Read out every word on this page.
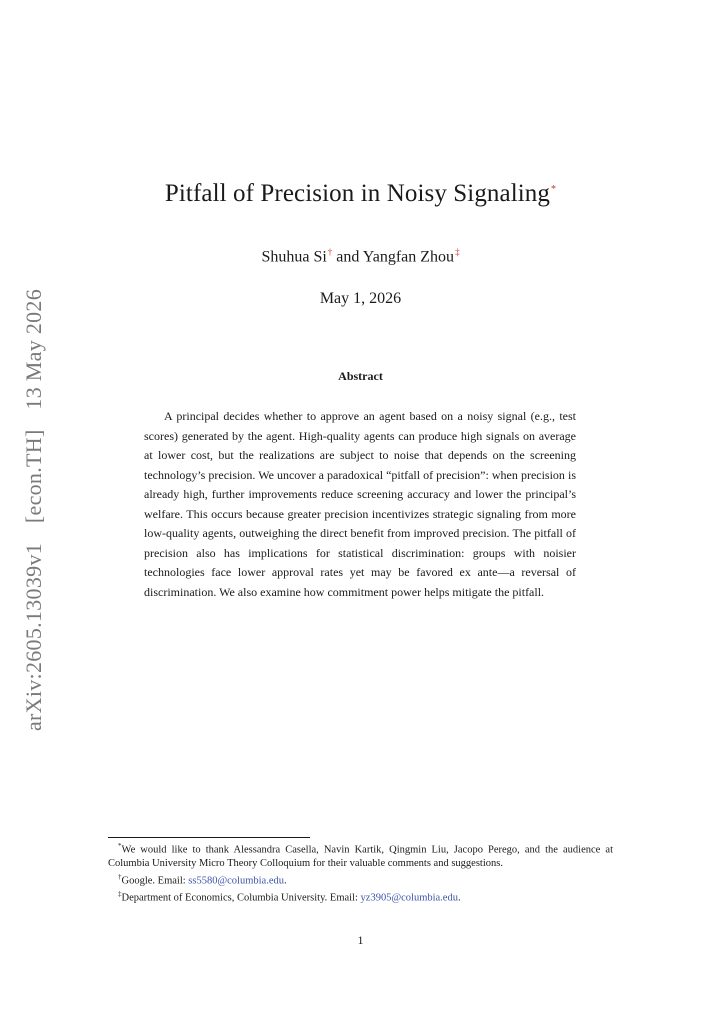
arXiv:2605.13039v1 [econ.TH] 13 May 2026
Pitfall of Precision in Noisy Signaling*
Shuhua Si† and Yangfan Zhou‡
May 1, 2026
Abstract

A principal decides whether to approve an agent based on a noisy signal (e.g., test scores) generated by the agent. High-quality agents can produce high signals on average at lower cost, but the realizations are subject to noise that depends on the screening technology’s precision. We uncover a paradoxical “pitfall of precision”: when precision is already high, further improvements reduce screening accuracy and lower the principal’s welfare. This occurs because greater precision incentivizes strategic signaling from more low-quality agents, outweighing the direct benefit from improved precision. The pitfall of precision also has implications for statistical discrimination: groups with noisier technologies face lower approval rates yet may be favored ex ante—a reversal of discrimination. We also examine how commitment power helps mitigate the pitfall.

*We would like to thank Alessandra Casella, Navin Kartik, Qingmin Liu, Jacopo Perego, and the audience at Columbia University Micro Theory Colloquium for their valuable comments and suggestions.

†Google. Email: ss5580@columbia.edu.

‡Department of Economics, Columbia University. Email: yz3905@columbia.edu.

1
